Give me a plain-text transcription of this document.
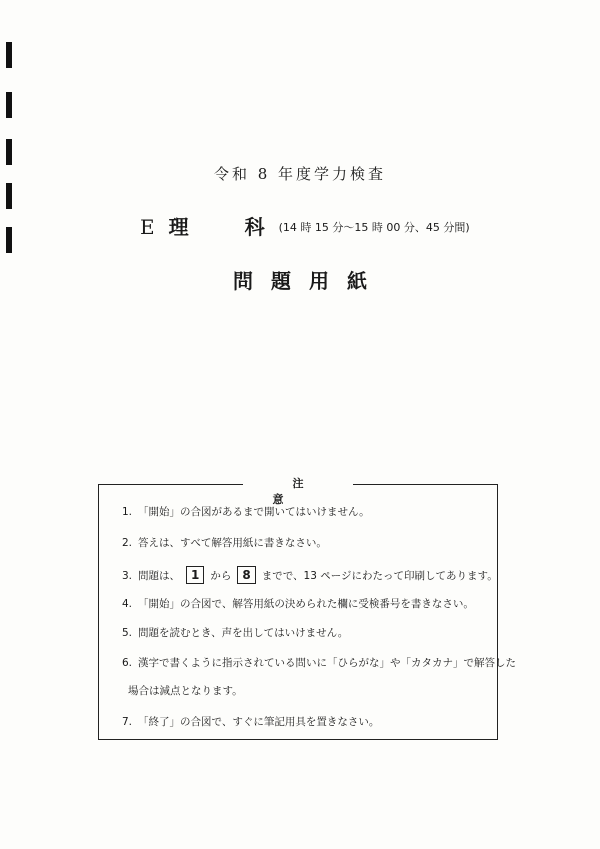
令和 8 年度学力検査
E 理	科 (14 時 15 分〜15 時 00 分、45 分間)
問題用紙
注意
1. 「開始」の合図があるまで開いてはいけません。
2. 答えは、すべて解答用紙に書きなさい。
3. 問題は、 1 から 8 までで、13 ページにわたって印刷してあります。
4. 「開始」の合図で、解答用紙の決められた欄に受検番号を書きなさい。
5. 問題を読むとき、声を出してはいけません。
6. 漢字で書くように指示されている問いに「ひらがな」や「カタカナ」で解答した
場合は減点となります。
7. 「終了」の合図で、すぐに筆記用具を置きなさい。
